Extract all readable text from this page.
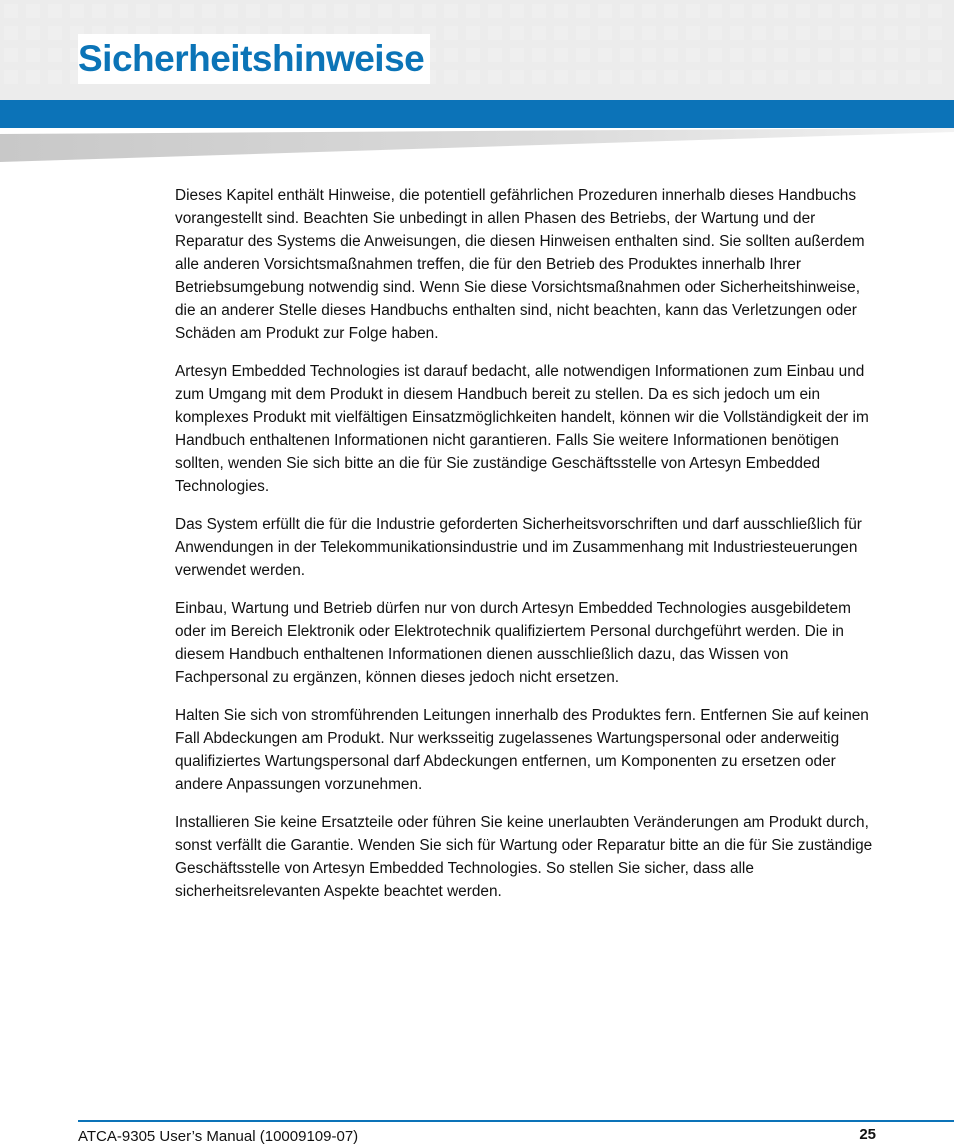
Sicherheitshinweise

Dieses Kapitel enthält Hinweise, die potentiell gefährlichen Prozeduren innerhalb dieses Handbuchs vorangestellt sind. Beachten Sie unbedingt in allen Phasen des Betriebs, der Wartung und der Reparatur des Systems die Anweisungen, die diesen Hinweisen enthalten sind. Sie sollten außerdem alle anderen Vorsichtsmaßnahmen treffen, die für den Betrieb des Produktes innerhalb Ihrer Betriebsumgebung notwendig sind. Wenn Sie diese Vorsichtsmaßnahmen oder Sicherheitshinweise, die an anderer Stelle dieses Handbuchs enthalten sind, nicht beachten, kann das Verletzungen oder Schäden am Produkt zur Folge haben.

Artesyn Embedded Technologies ist darauf bedacht, alle notwendigen Informationen zum Einbau und zum Umgang mit dem Produkt in diesem Handbuch bereit zu stellen. Da es sich jedoch um ein komplexes Produkt mit vielfältigen Einsatzmöglichkeiten handelt, können wir die Vollständigkeit der im Handbuch enthaltenen Informationen nicht garantieren. Falls Sie weitere Informationen benötigen sollten, wenden Sie sich bitte an die für Sie zuständige Geschäftsstelle von Artesyn Embedded Technologies.

Das System erfüllt die für die Industrie geforderten Sicherheitsvorschriften und darf ausschließlich für Anwendungen in der Telekommunikationsindustrie und im Zusammenhang mit Industriesteuerungen verwendet werden.

Einbau, Wartung und Betrieb dürfen nur von durch Artesyn Embedded Technologies ausgebildetem oder im Bereich Elektronik oder Elektrotechnik qualifiziertem Personal durchgeführt werden. Die in diesem Handbuch enthaltenen Informationen dienen ausschließlich dazu, das Wissen von Fachpersonal zu ergänzen, können dieses jedoch nicht ersetzen.

Halten Sie sich von stromführenden Leitungen innerhalb des Produktes fern. Entfernen Sie auf keinen Fall Abdeckungen am Produkt. Nur werksseitig zugelassenes Wartungspersonal oder anderweitig qualifiziertes Wartungspersonal darf Abdeckungen entfernen, um Komponenten zu ersetzen oder andere Anpassungen vorzunehmen.

Installieren Sie keine Ersatzteile oder führen Sie keine unerlaubten Veränderungen am Produkt durch, sonst verfällt die Garantie. Wenden Sie sich für Wartung oder Reparatur bitte an die für Sie zuständige Geschäftsstelle von Artesyn Embedded Technologies. So stellen Sie sicher, dass alle sicherheitsrelevanten Aspekte beachtet werden.

ATCA-9305 User’s Manual (10009109-07)	25
